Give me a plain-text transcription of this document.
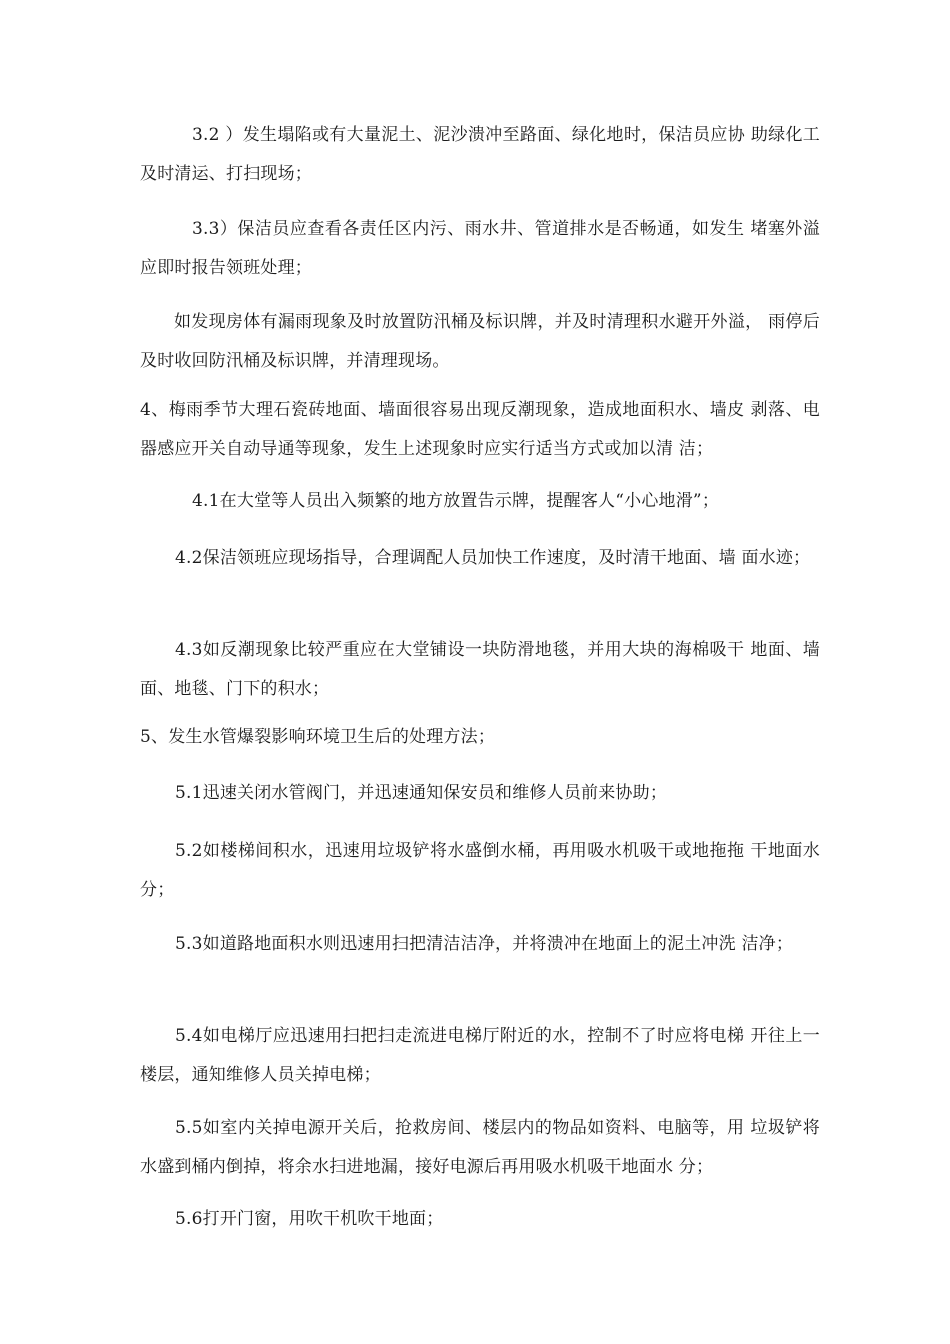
3.2 ）发生塌陷或有大量泥土、泥沙溃冲至路面、绿化地时，保洁员应协 助绿化工及时清运、打扫现场；

3.3）保洁员应查看各责任区内污、雨水井、管道排水是否畅通，如发生 堵塞外溢应即时报告领班处理；

如发现房体有漏雨现象及时放置防汛桶及标识牌，并及时清理积水避开外溢， 雨停后及时收回防汛桶及标识牌，并清理现场。

4、梅雨季节大理石瓷砖地面、墙面很容易出现反潮现象，造成地面积水、墙皮 剥落、电器感应开关自动导通等现象，发生上述现象时应实行适当方式或加以清 洁；

4.1在大堂等人员出入频繁的地方放置告示牌，提醒客人“小心地滑”；

4.2保洁领班应现场指导，合理调配人员加快工作速度，及时清干地面、墙 面水迹；

4.3如反潮现象比较严重应在大堂铺设一块防滑地毯，并用大块的海棉吸干 地面、墙面、地毯、门下的积水；

5、发生水管爆裂影响环境卫生后的处理方法；

5.1迅速关闭水管阀门，并迅速通知保安员和维修人员前来协助；

5.2如楼梯间积水，迅速用垃圾铲将水盛倒水桶，再用吸水机吸干或地拖拖 干地面水分；

5.3如道路地面积水则迅速用扫把清洁洁净，并将溃冲在地面上的泥土冲洗 洁净；

5.4如电梯厅应迅速用扫把扫走流进电梯厅附近的水，控制不了时应将电梯 开往上一楼层，通知维修人员关掉电梯；

5.5如室内关掉电源开关后，抢救房间、楼层内的物品如资料、电脑等，用 垃圾铲将水盛到桶内倒掉，将余水扫进地漏，接好电源后再用吸水机吸干地面水 分；

5.6打开门窗，用吹干机吹干地面；
